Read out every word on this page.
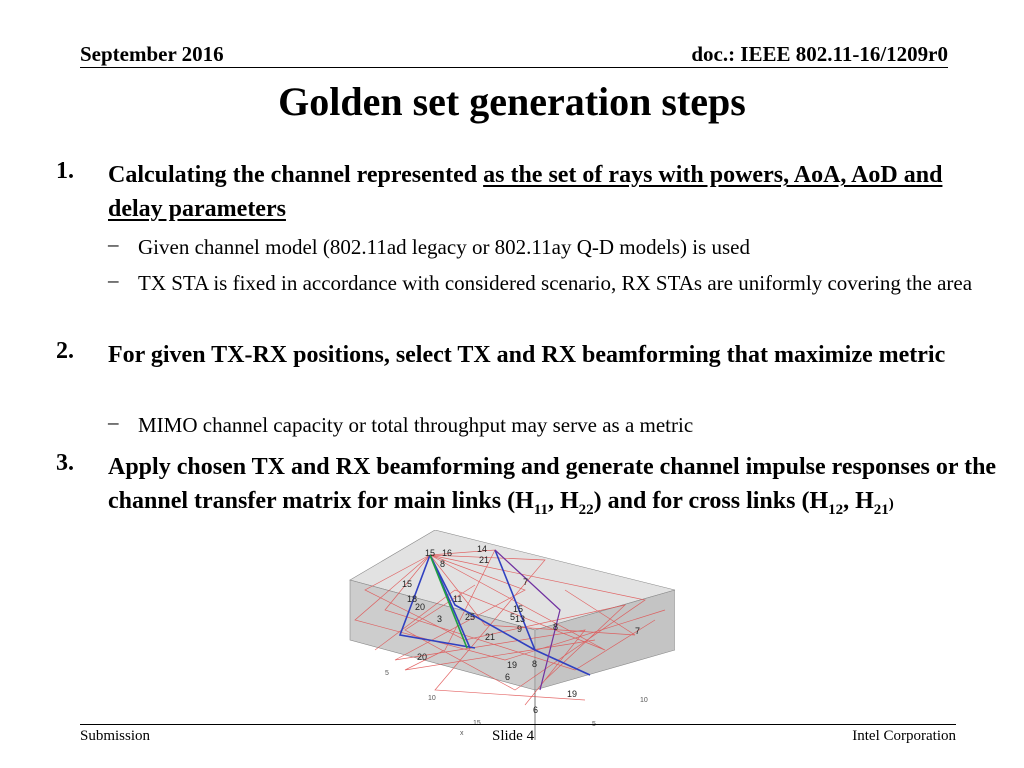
September 2016	doc.: IEEE 802.11-16/1209r0
Golden set generation steps
1. Calculating the channel represented as the set of rays with powers, AoA, AoD and delay parameters
– Given channel model (802.11ad legacy or 802.11ay Q-D models) is used
– TX STA is fixed in accordance with considered scenario, RX STAs are uniformly covering the area
2. For given TX-RX positions, select TX and RX beamforming that maximize metric
– MIMO channel capacity or total throughput may serve as a metric
3. Apply chosen TX and RX beamforming and generate channel impulse responses or the channel transfer matrix for main links ($H_{11}$, $H_{22}$) and for cross links ($H_{12}$, $H_{21}$)
15 16	14
21
8
7
15
18
20
11
15
25	13
9
21
3	5
8	7
20
19
6
8
19
6
5
10
15	5
10
x
Submission	Slide 4	Intel Corporation
